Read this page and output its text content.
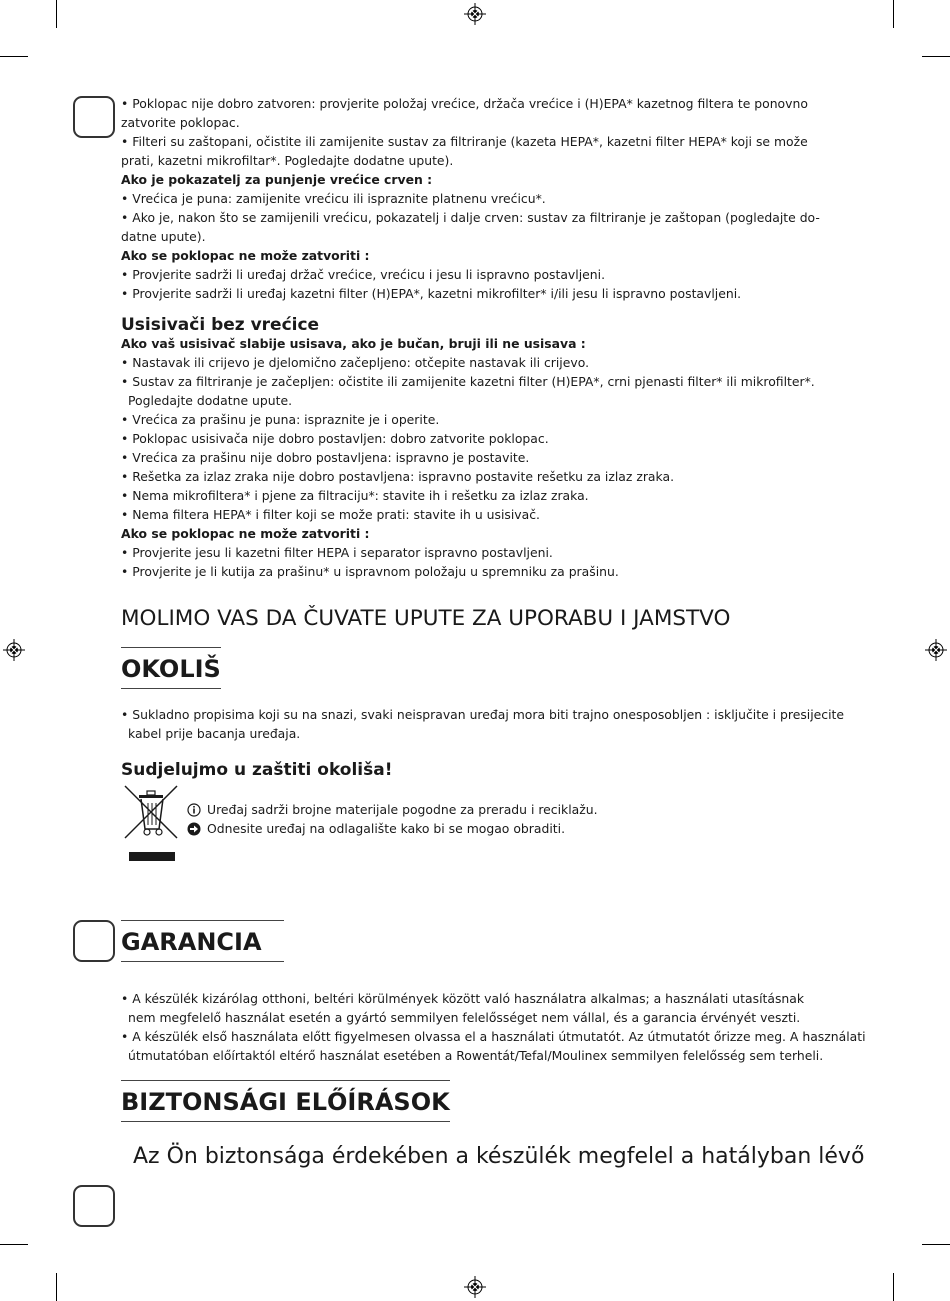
• Poklopac nije dobro zatvoren: provjerite položaj vrećice, držača vrećice i (H)EPA* kazetnog filtera te ponovno
zatvorite poklopac.
• Filteri su zaštopani, očistite ili zamijenite sustav za filtriranje (kazeta HEPA*, kazetni filter HEPA* koji se može
prati, kazetni mikrofiltar*. Pogledajte dodatne upute).
Ako je pokazatelj za punjenje vrećice crven :
• Vrećica je puna: zamijenite vrećicu ili ispraznite platnenu vrećicu*.
• Ako je, nakon što se zamijenili vrećicu, pokazatelj i dalje crven: sustav za filtriranje je zaštopan (pogledajte do-
datne upute).
Ako se poklopac ne može zatvoriti :
• Provjerite sadrži li uređaj držač vrećice, vrećicu i jesu li ispravno postavljeni.
• Provjerite sadrži li uređaj kazetni filter (H)EPA*, kazetni mikrofilter* i/ili jesu li ispravno postavljeni.
Usisivači bez vrećice
Ako vaš usisivač slabije usisava, ako je bučan, bruji ili ne usisava :
• Nastavak ili crijevo je djelomično začepljeno: otčepite nastavak ili crijevo.
• Sustav za filtriranje je začepljen: očistite ili zamijenite kazetni filter (H)EPA*, crni pjenasti filter* ili mikrofilter*.
Pogledajte dodatne upute.
• Vrećica za prašinu je puna: ispraznite je i operite.
• Poklopac usisivača nije dobro postavljen: dobro zatvorite poklopac.
• Vrećica za prašinu nije dobro postavljena: ispravno je postavite.
• Rešetka za izlaz zraka nije dobro postavljena: ispravno postavite rešetku za izlaz zraka.
• Nema mikrofiltera* i pjene za filtraciju*: stavite ih i rešetku za izlaz zraka.
• Nema filtera HEPA* i filter koji se može prati: stavite ih u usisivač.
Ako se poklopac ne može zatvoriti :
• Provjerite jesu li kazetni filter HEPA i separator ispravno postavljeni.
• Provjerite je li kutija za prašinu* u ispravnom položaju u spremniku za prašinu.
MOLIMO VAS DA ČUVATE UPUTE ZA UPORABU I JAMSTVO
OKOLIŠ
• Sukladno propisima koji su na snazi, svaki neispravan uređaj mora biti trajno onesposobljen : isključite i presijecite
kabel prije bacanja uređaja.
Sudjelujmo u zaštiti okoliša!
Uređaj sadrži brojne materijale pogodne za preradu i reciklažu.
Odnesite uređaj na odlagalište kako bi se mogao obraditi.
GARANCIA
• A készülék kizárólag otthoni, beltéri körülmények között való használatra alkalmas; a használati utasításnak
nem megfelelő használat esetén a gyártó semmilyen felelősséget nem vállal, és a garancia érvényét veszti.
• A készülék első használata előtt figyelmesen olvassa el a használati útmutatót. Az útmutatót őrizze meg. A használati
útmutatóban előírtaktól eltérő használat esetében a Rowentát/Tefal/Moulinex semmilyen felelősség sem terheli.
BIZTONSÁGI ELŐÍRÁSOK
Az Ön biztonsága érdekében a készülék megfelel a hatályban lévő
